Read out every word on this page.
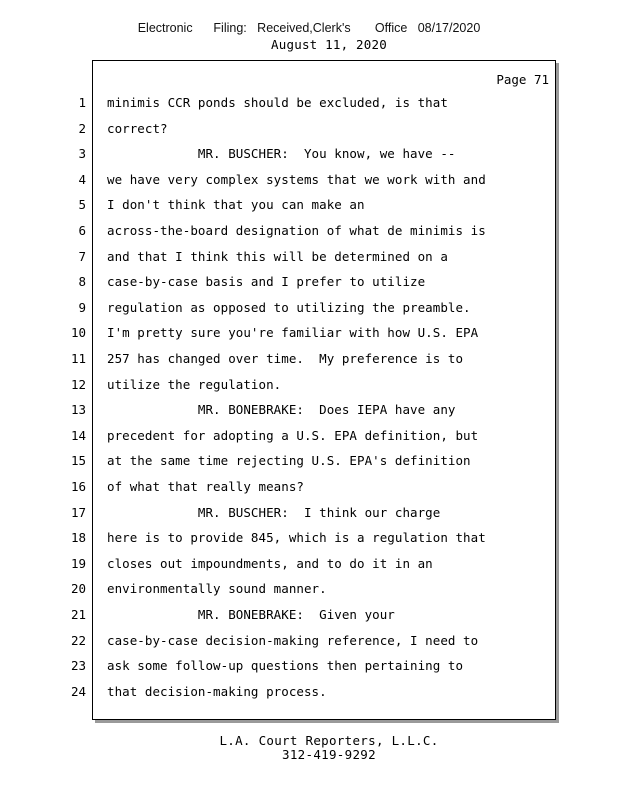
Electronic      Filing:   Received,Clerk's       Office   08/17/2020
August 11, 2020
Page 71
1 minimis CCR ponds should be excluded, is that
2 correct?
3 MR. BUSCHER:  You know, we have --
4 we have very complex systems that we work with and
5 I don't think that you can make an
6 across-the-board designation of what de minimis is
7 and that I think this will be determined on a
8 case-by-case basis and I prefer to utilize
9 regulation as opposed to utilizing the preamble.
10 I'm pretty sure you're familiar with how U.S. EPA
11 257 has changed over time.  My preference is to
12 utilize the regulation.
13 MR. BONEBRAKE:  Does IEPA have any
14 precedent for adopting a U.S. EPA definition, but
15 at the same time rejecting U.S. EPA's definition
16 of what that really means?
17 MR. BUSCHER:  I think our charge
18 here is to provide 845, which is a regulation that
19 closes out impoundments, and to do it in an
20 environmentally sound manner.
21 MR. BONEBRAKE:  Given your
22 case-by-case decision-making reference, I need to
23 ask some follow-up questions then pertaining to
24 that decision-making process.
L.A. Court Reporters, L.L.C.
312-419-9292
